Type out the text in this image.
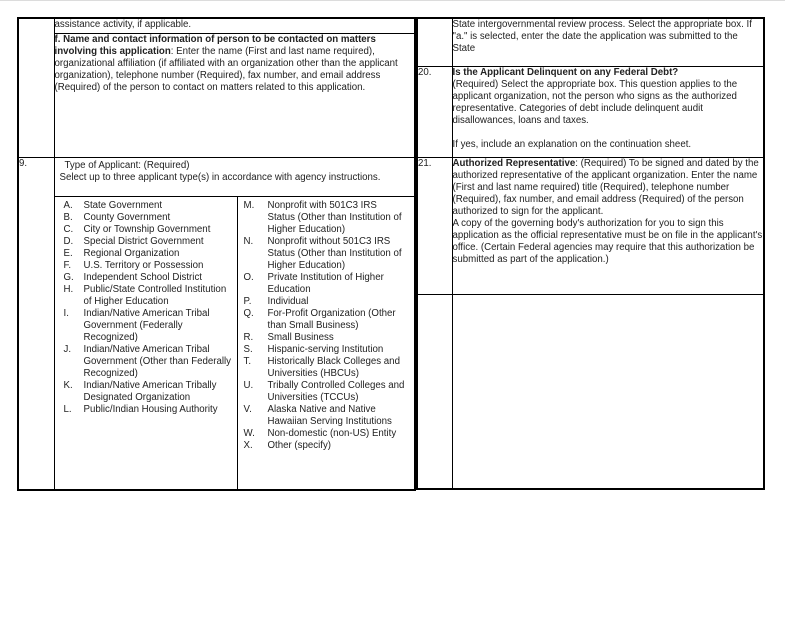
	assistance activity, if applicable.
	f. Name and contact information of person to be contacted on matters involving this application: Enter the name (First and last name required), organizational affiliation (if affiliated with an organization other than the applicant organization), telephone number (Required), fax number, and email address (Required) of the person to contact on matters related to this application.
9.	Type of Applicant: (Required)
Select up to three applicant type(s) in accordance with agency instructions.
A.	State Government
B.	County Government
C.	City or Township Government
D.	Special District Government
E.	Regional Organization
F.	U.S. Territory or Possession
G.	Independent School District
H.	Public/State Controlled Institution of Higher Education
I.	Indian/Native American Tribal Government (Federally Recognized)
J.	Indian/Native American Tribal Government (Other than Federally Recognized)
K.	Indian/Native American Tribally Designated Organization
L.	Public/Indian Housing Authority
M.	Nonprofit with 501C3 IRS Status (Other than Institution of Higher Education)
N.	Nonprofit without 501C3 IRS Status (Other than Institution of Higher Education)
O.	Private Institution of Higher Education
P.	Individual
Q.	For-Profit Organization (Other than Small Business)
R.	Small Business
S.	Hispanic-serving Institution
T.	Historically Black Colleges and Universities (HBCUs)
U.	Tribally Controlled Colleges and Universities (TCCUs)
V.	Alaska Native and Native Hawaiian Serving Institutions
W.	Non-domestic (non-US) Entity
X.	Other (specify)
	State intergovernmental review process. Select the appropriate box. If "a." is selected, enter the date the application was submitted to the State
20.	Is the Applicant Delinquent on any Federal Debt?
(Required) Select the appropriate box. This question applies to the applicant organization, not the person who signs as the authorized representative. Categories of debt include delinquent audit disallowances, loans and taxes.
If yes, include an explanation on the continuation sheet.

21.	Authorized Representative: (Required) To be signed and dated by the authorized representative of the applicant organization. Enter the name (First and last name required) title (Required), telephone number (Required), fax number, and email address (Required) of the person authorized to sign for the applicant.
A copy of the governing body's authorization for you to sign this application as the official representative must be on file in the applicant's office. (Certain Federal agencies may require that this authorization be submitted as part of the application.)
